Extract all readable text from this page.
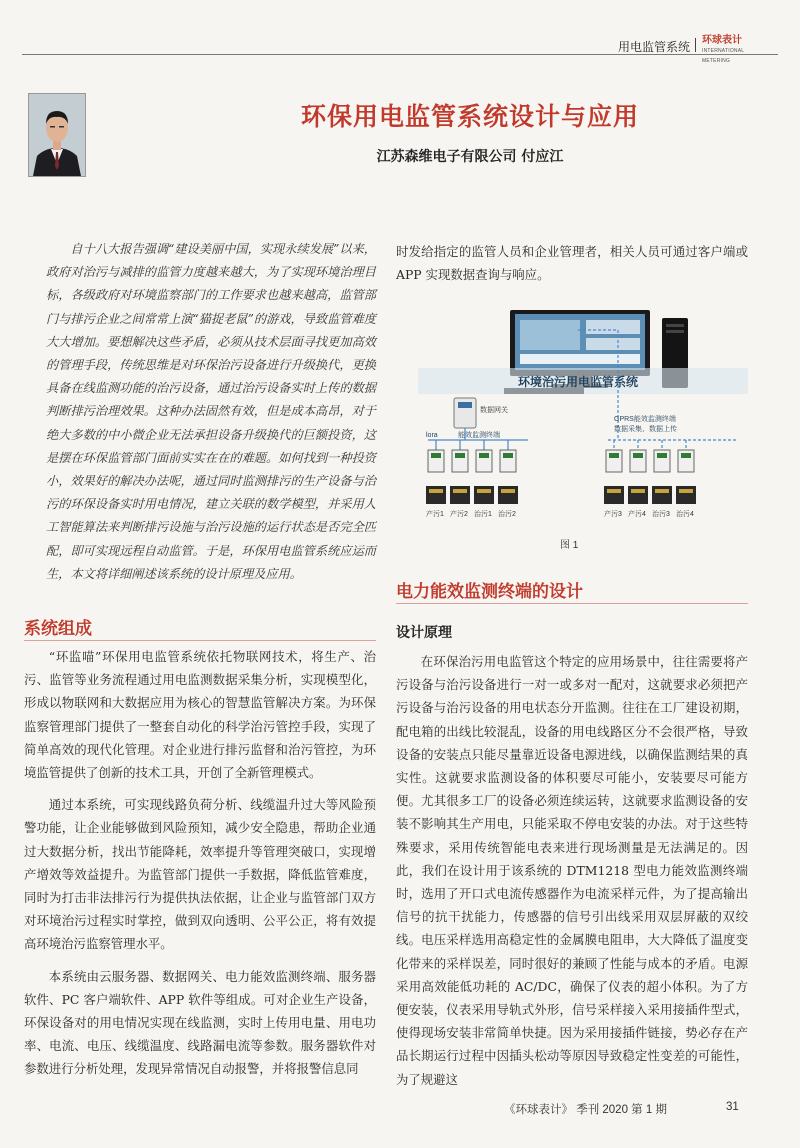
用电监管系统 环球表计
INTERNATIONAL METERING
环保用电监管系统设计与应用
江苏森维电子有限公司 付应江

自十八大报告强调“建设美丽中国，实现永续发展”以来，政府对治污与减排的监管力度越来越大，为了实现环境治理目标，各级政府对环境监察部门的工作要求也越来越高，监管部门与排污企业之间常常上演“猫捉老鼠”的游戏，导致监管难度大大增加。要想解决这些矛盾，必须从技术层面寻找更加高效的管理手段，传统思维是对环保治污设备进行升级换代，更换具备在线监测功能的治污设备，通过治污设备实时上传的数据判断排污治理效果。这种办法固然有效，但是成本高昂，对于绝大多数的中小微企业无法承担设备升级换代的巨额投资，这是摆在环保监管部门面前实实在在的难题。如何找到一种投资小，效果好的解决办法呢，通过同时监测排污的生产设备与治污的环保设备实时用电情况，建立关联的数学模型，并采用人工智能算法来判断排污设施与治污设施的运行状态是否完全匹配，即可实现远程自动监管。于是，环保用电监管系统应运而生，本文将详细阐述该系统的设计原理及应用。

系统组成

“环监喵”环保用电监管系统依托物联网技术，将生产、治污、监管等业务流程通过用电监测数据采集分析，实现模型化，形成以物联网和大数据应用为核心的智慧监管解决方案。为环保监察管理部门提供了一整套自动化的科学治污管控手段，实现了简单高效的现代化管理。对企业进行排污监督和治污管控，为环境监管提供了创新的技术工具，开创了全新管理模式。

通过本系统，可实现线路负荷分析、线缆温升过大等风险预警功能，让企业能够做到风险预知，减少安全隐患，帮助企业通过大数据分析，找出节能降耗，效率提升等管理突破口，实现增产增效等效益提升。为监管部门提供一手数据，降低监管难度，同时为打击非法排污行为提供执法依据，让企业与监管部门双方对环境治污过程实时掌控，做到双向透明、公平公正，将有效提高环境治污监察管理水平。

本系统由云服务器、数据网关、电力能效监测终端、服务器软件、PC 客户端软件、APP 软件等组成。可对企业生产设备，环保设备对的用电情况实现在线监测，实时上传用电量、用电功率、电流、电压、线缆温度、线路漏电流等参数。服务器软件对参数进行分析处理，发现异常情况自动报警，并将报警信息同

时发给指定的监管人员和企业管理者，相关人员可通过客户端或 APP 实现数据查询与响应。

环境治污用电监管系统
数据网关
lora	能效监测终端
GPRS能效监测终端
数据采集、数据上传
产污1 产污2 治污1 治污2	产污3 产污4 治污3 治污4
图 1
电力能效监测终端的设计
设计原理

在环保治污用电监管这个特定的应用场景中，往往需要将产污设备与治污设备进行一对一或多对一配对，这就要求必须把产污设备与治污设备的用电状态分开监测。往往在工厂建设初期，配电箱的出线比较混乱，设备的用电线路区分不会很严格，导致设备的安装点只能尽量靠近设备电源进线，以确保监测结果的真实性。这就要求监测设备的体积要尽可能小，安装要尽可能方便。尤其很多工厂的设备必须连续运转，这就要求监测设备的安装不影响其生产用电，只能采取不停电安装的办法。对于这些特殊要求，采用传统智能电表来进行现场测量是无法满足的。因此，我们在设计用于该系统的 DTM1218 型电力能效监测终端时，选用了开口式电流传感器作为电流采样元件，为了提高输出信号的抗干扰能力，传感器的信号引出线采用双层屏蔽的双绞线。电压采样选用高稳定性的金属膜电阻串，大大降低了温度变化带来的采样误差，同时很好的兼顾了性能与成本的矛盾。电源采用高效能低功耗的 AC/DC，确保了仪表的超小体积。为了方便安装，仪表采用导轨式外形，信号采样接入采用接插件型式，使得现场安装非常简单快捷。因为采用接插件链接，势必存在产品长期运行过程中因插头松动等原因导致稳定性变差的可能性，为了规避这

《环球表计》 季刊 2020 第 1 期	31
